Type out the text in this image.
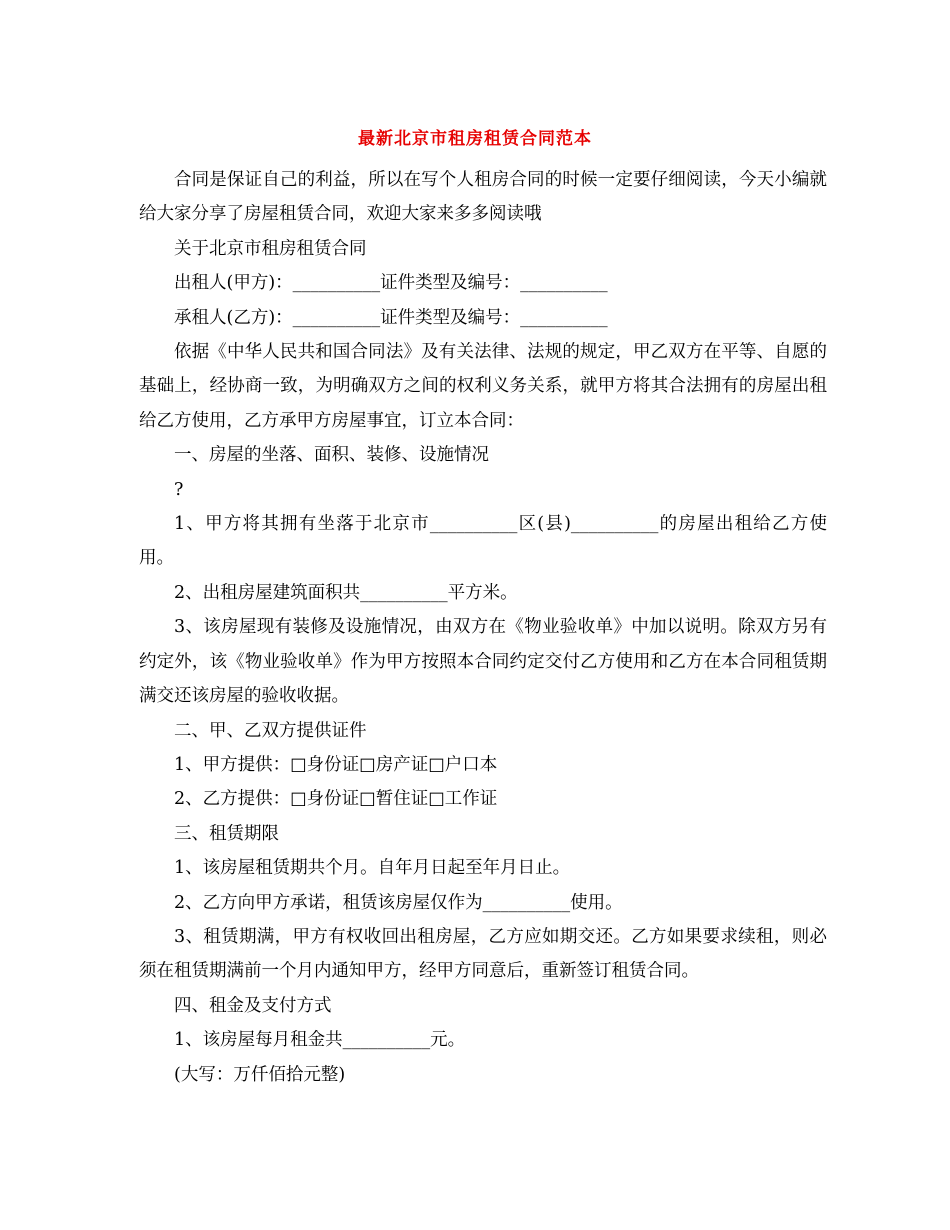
最新北京市租房租赁合同范本

合同是保证自己的利益，所以在写个人租房合同的时候一定要仔细阅读，今天小编就给大家分享了房屋租赁合同，欢迎大家来多多阅读哦

关于北京市租房租赁合同

出租人(甲方)：__________证件类型及编号：__________

承租人(乙方)：__________证件类型及编号：__________

依据《中华人民共和国合同法》及有关法律、法规的规定，甲乙双方在平等、自愿的基础上，经协商一致，为明确双方之间的权利义务关系，就甲方将其合法拥有的房屋出租给乙方使用，乙方承甲方房屋事宜，订立本合同：

一、房屋的坐落、面积、装修、设施情况

?

1、甲方将其拥有坐落于北京市__________区(县)__________的房屋出租给乙方使用。

2、出租房屋建筑面积共__________平方米。

3、该房屋现有装修及设施情况，由双方在《物业验收单》中加以说明。除双方另有约定外，该《物业验收单》作为甲方按照本合同约定交付乙方使用和乙方在本合同租赁期满交还该房屋的验收收据。

二、甲、乙双方提供证件

1、甲方提供：□身份证□房产证□户口本

2、乙方提供：□身份证□暂住证□工作证

三、租赁期限

1、该房屋租赁期共个月。自年月日起至年月日止。

2、乙方向甲方承诺，租赁该房屋仅作为__________使用。

3、租赁期满，甲方有权收回出租房屋，乙方应如期交还。乙方如果要求续租，则必须在租赁期满前一个月内通知甲方，经甲方同意后，重新签订租赁合同。

四、租金及支付方式

1、该房屋每月租金共__________元。

(大写：万仟佰拾元整)
